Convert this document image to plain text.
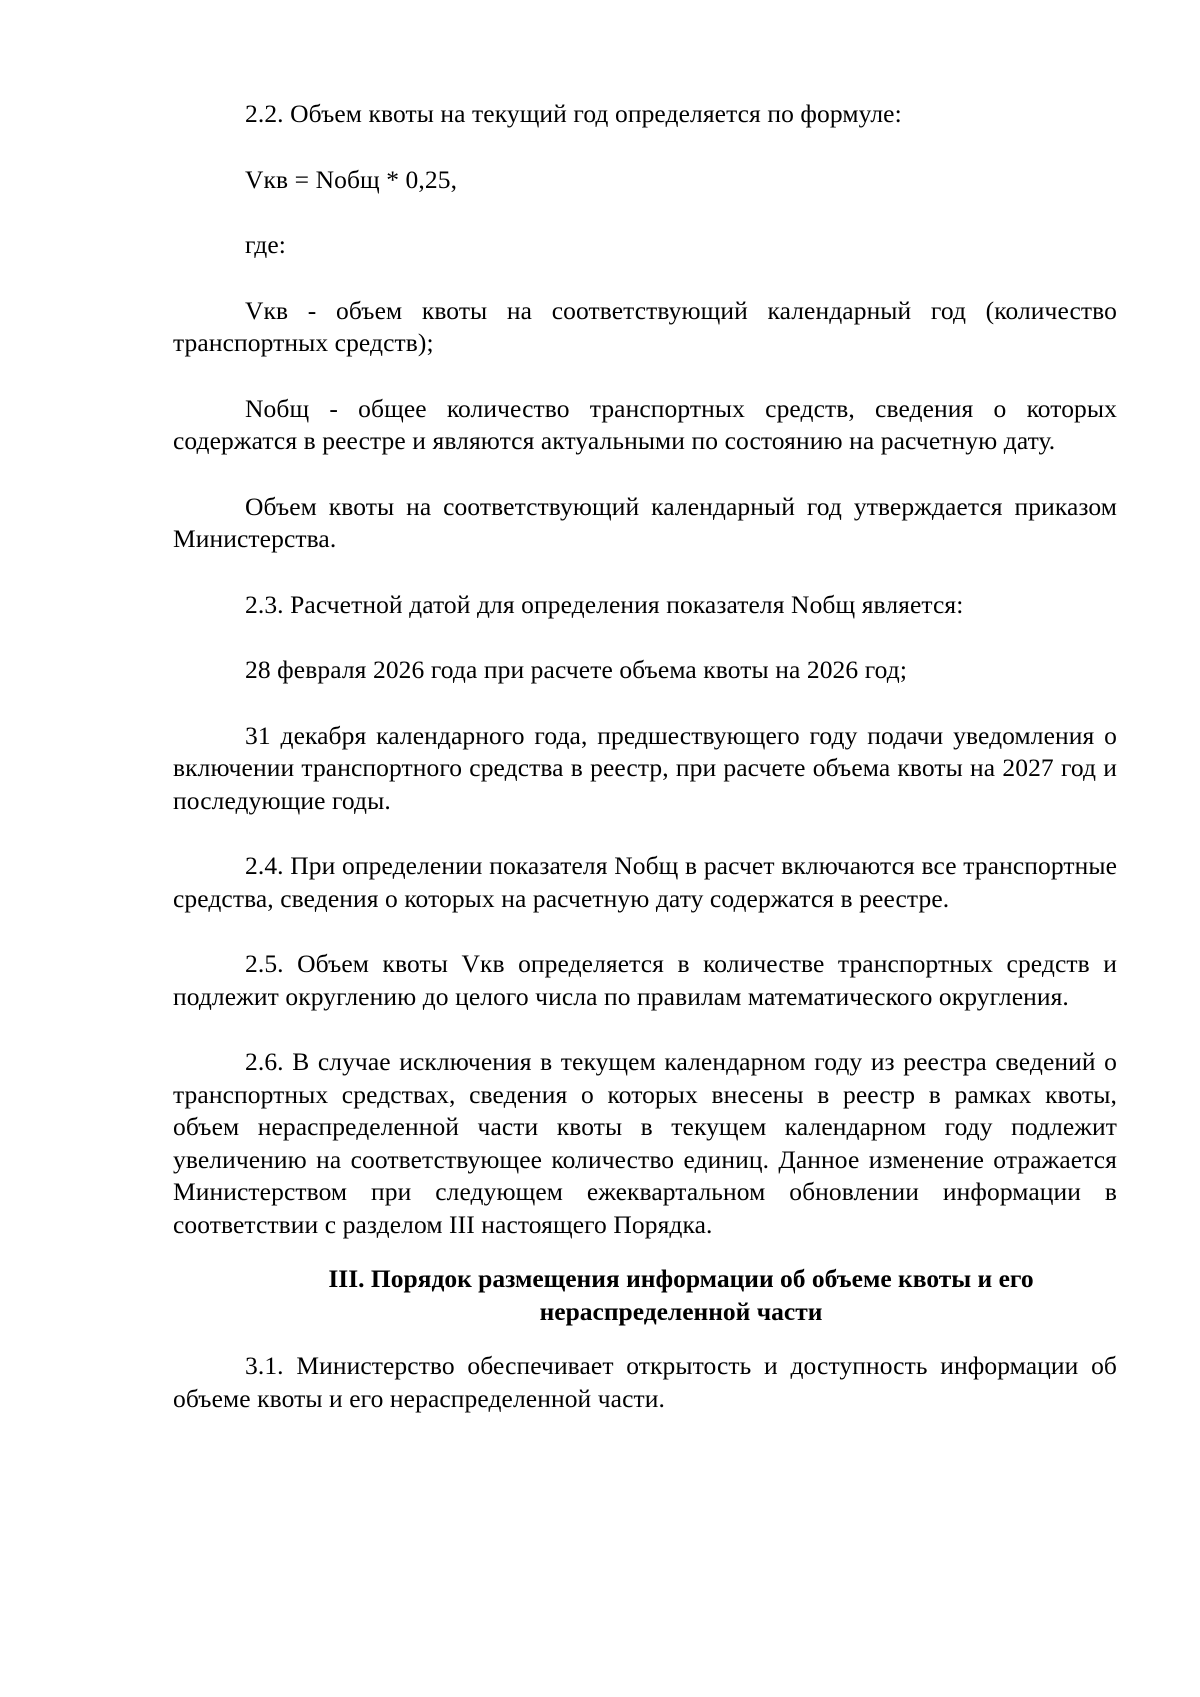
2.2. Объем квоты на текущий год определяется по формуле:

Vкв = Nобщ * 0,25,

где:

Vкв - объем квоты на соответствующий календарный год (количество транспортных средств);

Nобщ - общее количество транспортных средств, сведения о которых содержатся в реестре и являются актуальными по состоянию на расчетную дату.

Объем квоты на соответствующий календарный год утверждается приказом Министерства.

2.3. Расчетной датой для определения показателя Nобщ является:

28 февраля 2026 года при расчете объема квоты на 2026 год;

31 декабря календарного года, предшествующего году подачи уведомления о включении транспортного средства в реестр, при расчете объема квоты на 2027 год и последующие годы.

2.4. При определении показателя Nобщ в расчет включаются все транспортные средства, сведения о которых на расчетную дату содержатся в реестре.

2.5. Объем квоты Vкв определяется в количестве транспортных средств и подлежит округлению до целого числа по правилам математического округления.

2.6. В случае исключения в текущем календарном году из реестра сведений о транспортных средствах, сведения о которых внесены в реестр в рамках квоты, объем нераспределенной части квоты в текущем календарном году подлежит увеличению на соответствующее количество единиц. Данное изменение отражается Министерством при следующем ежеквартальном обновлении информации в соответствии с разделом III настоящего Порядка.

III. Порядок размещения информации об объеме квоты и его нераспределенной части

3.1. Министерство обеспечивает открытость и доступность информации об объеме квоты и его нераспределенной части.
